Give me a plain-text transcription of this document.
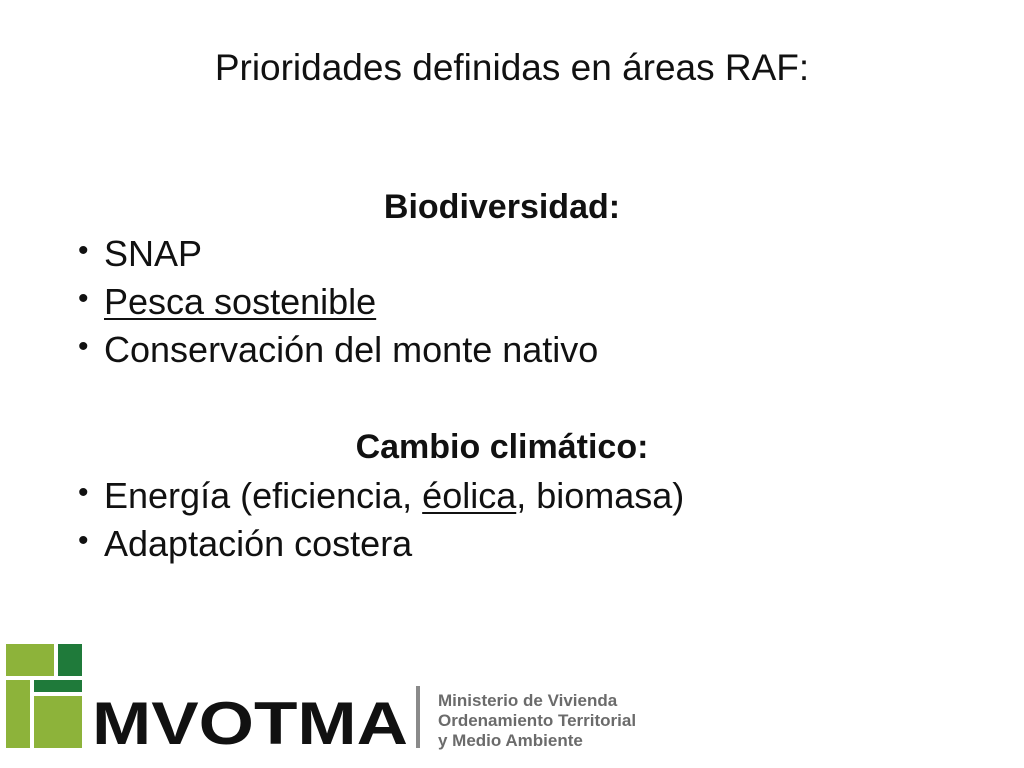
Prioridades definidas en áreas RAF:
Biodiversidad:
• SNAP
• Pesca sostenible
• Conservación del monte nativo
Cambio climático:
• Energía (eficiencia, éolica, biomasa)
• Adaptación costera
MVOTMA Ministerio de Vivienda
Ordenamiento Territorial
y Medio Ambiente
